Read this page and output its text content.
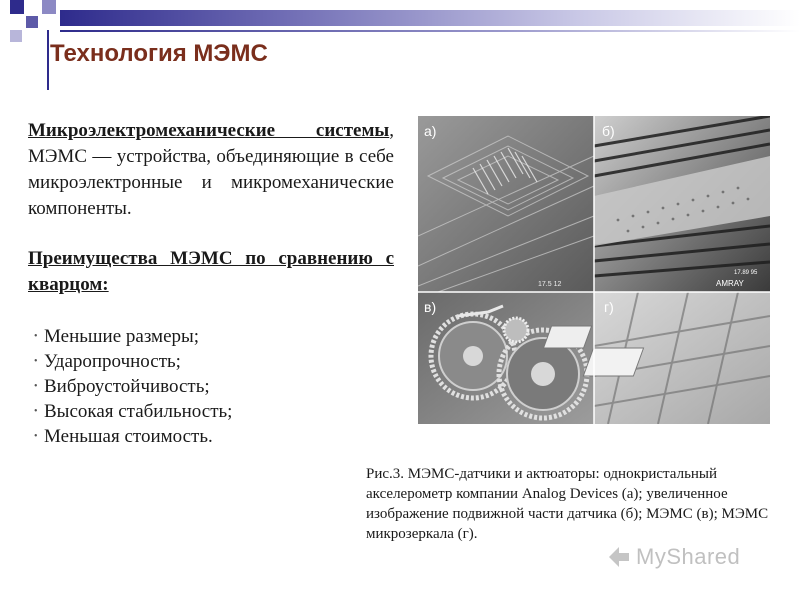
Технология МЭМС

Микроэлектромеханические системы, МЭМС — устройства, объединяющие в себе микроэлектронные и микромеханические компоненты.

Преимущества МЭМС по сравнению с кварцом:
• Меньшие размеры;
• Ударопрочность;
• Виброустойчивость;
• Высокая стабильность;
• Меньшая стоимость.
а)
17.5 12
б)
AMRAY
17.89 95
в)	г)
Рис.3. МЭМС-датчики и актюаторы: однокристальный акселерометр компании Analog Devices (а); увеличенное изображение подвижной части датчика (б); МЭМС (в); МЭМС микрозеркала (г).
MyShared
